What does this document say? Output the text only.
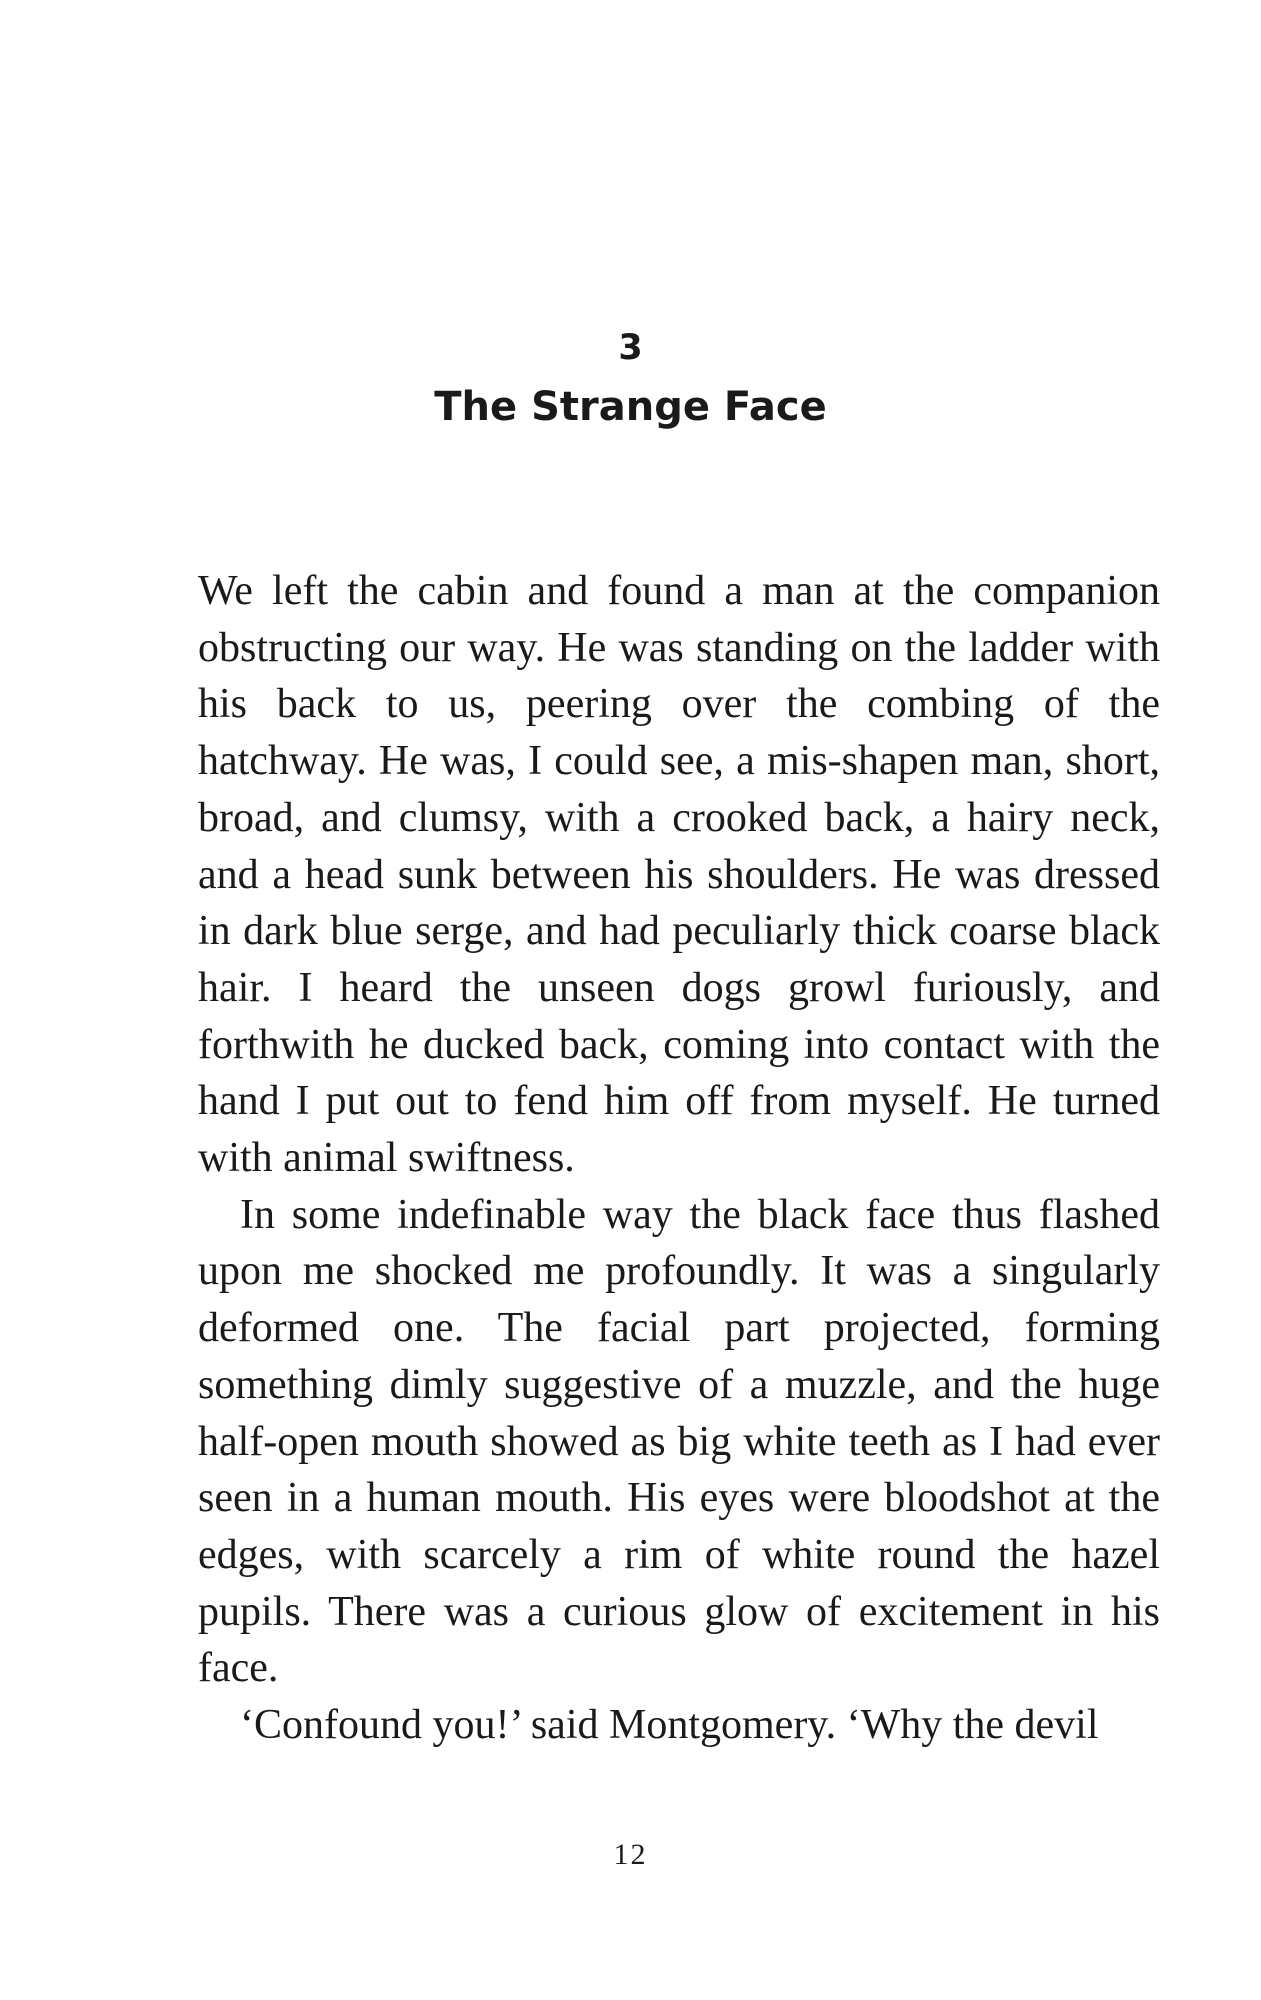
3
The Strange Face

We left the cabin and found a man at the companion obstructing our way. He was standing on the ladder with his back to us, peering over the combing of the hatchway. He was, I could see, a mis-shapen man, short, broad, and clumsy, with a crooked back, a hairy neck, and a head sunk between his shoulders. He was dressed in dark blue serge, and had peculiarly thick coarse black hair. I heard the unseen dogs growl furiously, and forthwith he ducked back, coming into contact with the hand I put out to fend him off from myself. He turned with animal swiftness.

In some indefinable way the black face thus flashed upon me shocked me profoundly. It was a singularly deformed one. The facial part projected, forming something dimly suggestive of a muzzle, and the huge half-open mouth showed as big white teeth as I had ever seen in a human mouth. His eyes were bloodshot at the edges, with scarcely a rim of white round the hazel pupils. There was a curious glow of excitement in his face.

‘Confound you!’ said Montgomery. ‘Why the devil

12
